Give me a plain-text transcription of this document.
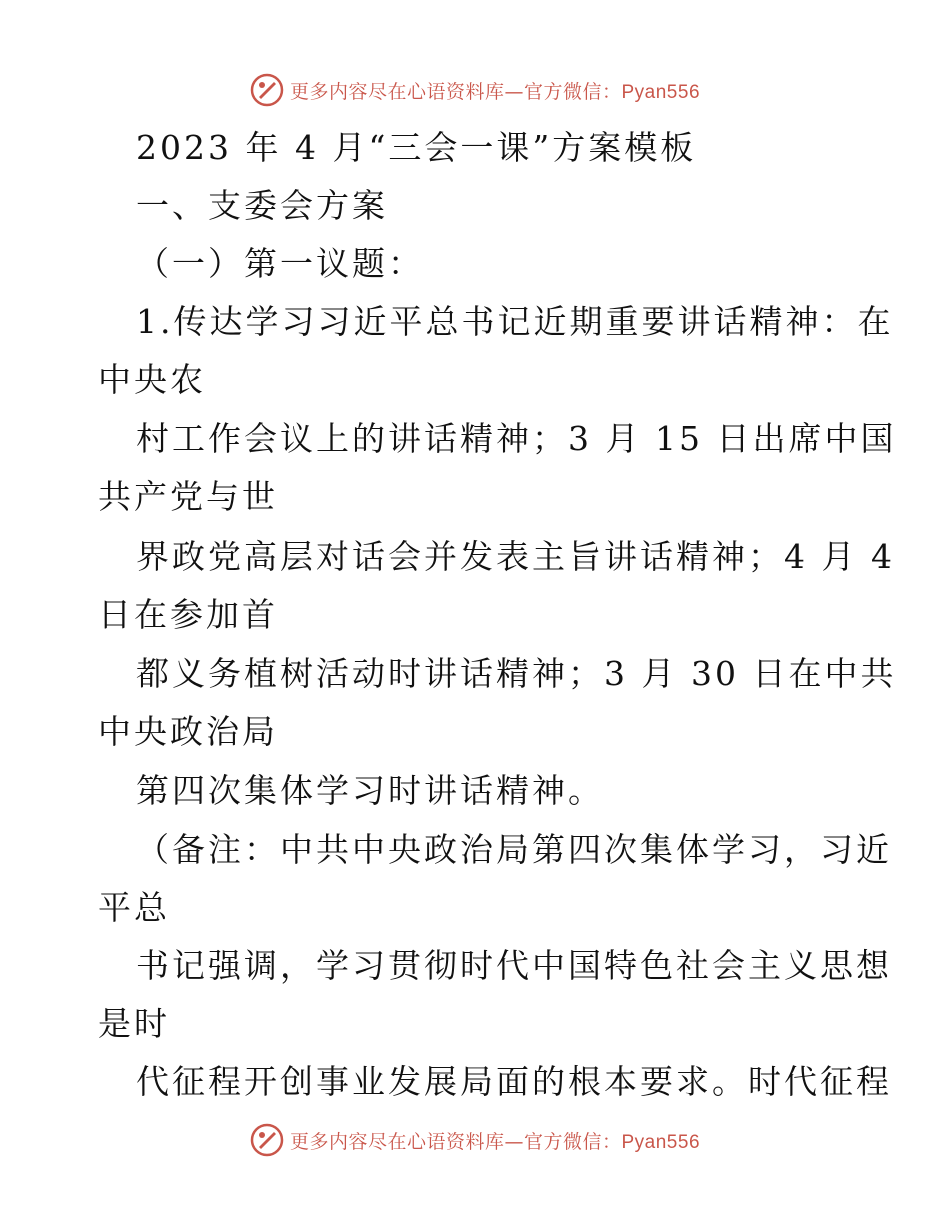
更多内容尽在心语资料库—官方微信：Pyan556
2023 年 4 月“三会一课”方案模板
一、支委会方案
（一）第一议题：
1.传达学习习近平总书记近期重要讲话精神：在
中央农
村工作会议上的讲话精神；3 月 15 日出席中国
共产党与世
界政党高层对话会并发表主旨讲话精神；4 月 4
日在参加首
都义务植树活动时讲话精神；3 月 30 日在中共
中央政治局
第四次集体学习时讲话精神。
（备注：中共中央政治局第四次集体学习，习近
平总
书记强调，学习贯彻时代中国特色社会主义思想
是时
代征程开创事业发展局面的根本要求。时代征程
更多内容尽在心语资料库—官方微信：Pyan556
